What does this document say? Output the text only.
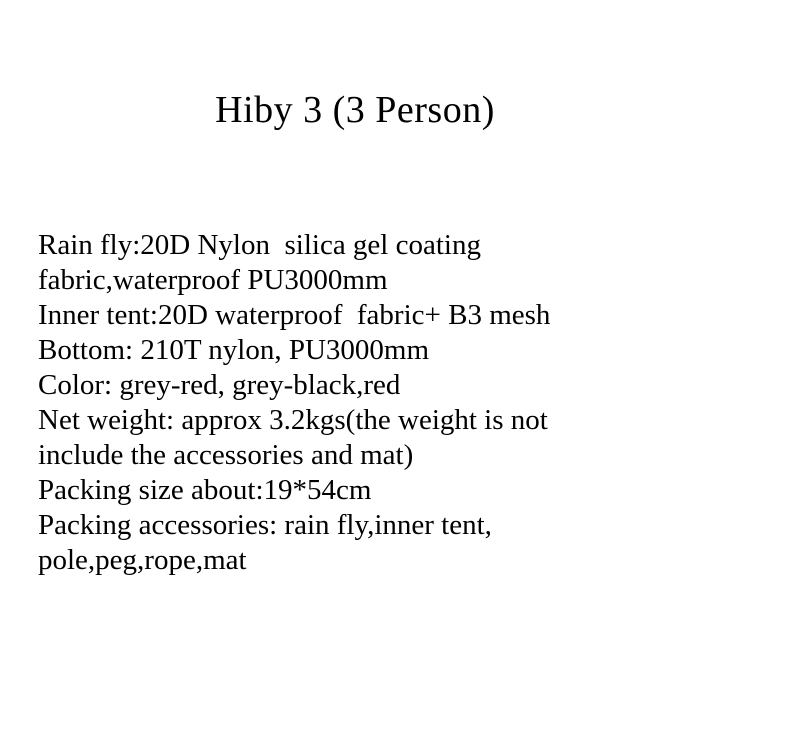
Hiby 3 (3 Person)
Rain fly:20D Nylon  silica gel coating
fabric,waterproof PU3000mm
Inner tent:20D waterproof  fabric+ B3 mesh
Bottom: 210T nylon, PU3000mm
Color: grey-red, grey-black,red
Net weight: approx 3.2kgs(the weight is not
include the accessories and mat)
Packing size about:19*54cm
Packing accessories: rain fly,inner tent,
pole,peg,rope,mat
